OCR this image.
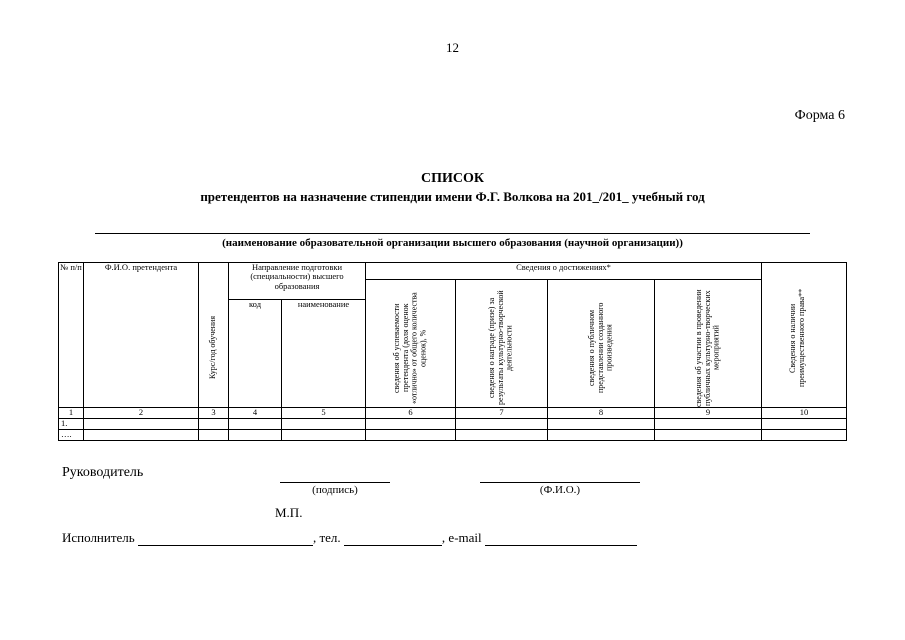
12
Форма 6
СПИСОК
претендентов на назначение стипендии имени Ф.Г. Волкова на 201_/201_ учебный год
(наименование образовательной организации высшего образования (научной организации))
№ п/п	Ф.И.О. претендента	Курс/год обучения	Направление подготовки (специальности) высшего образования		Сведения о достижениях*				Сведения о наличии преимущественного права**

					сведения об успеваемости претендента (доля оценок «отлично» от общего количества оценок), %	сведения о награде (призе) за результаты культурно-творческой деятельности	сведения о публичном представлении созданного произведения	сведения об участии в проведении публичных культурно-творческих мероприятий	

			код	наименование					
1	2	3	4	5	6	7	8	9	10
1.									
….									
Руководитель
(подпись)	(Ф.И.О.)
М.П.
Исполнитель	, тел.	, e-mail
